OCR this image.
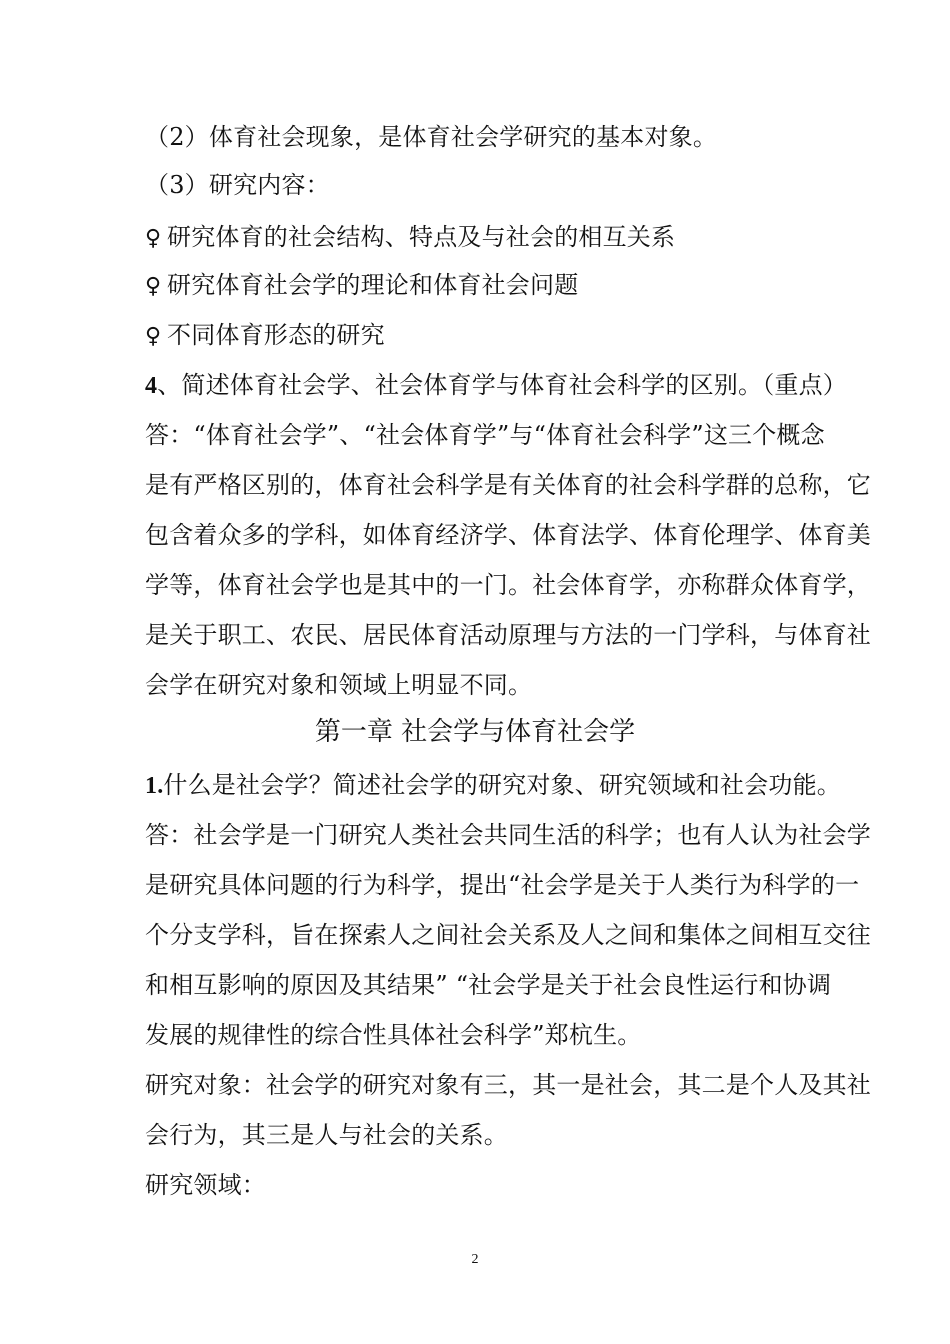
（2）体育社会现象，是体育社会学研究的基本对象。
（3）研究内容：
♀ 研究体育的社会结构、特点及与社会的相互关系
♀ 研究体育社会学的理论和体育社会问题
♀ 不同体育形态的研究
4、简述体育社会学、社会体育学与体育社会科学的区别。（重点）
答：“体育社会学”、“社会体育学”与“体育社会科学”这三个概念
是有严格区别的，体育社会科学是有关体育的社会科学群的总称，它
包含着众多的学科，如体育经济学、体育法学、体育伦理学、体育美
学等，体育社会学也是其中的一门。社会体育学，亦称群众体育学，
是关于职工、农民、居民体育活动原理与方法的一门学科，与体育社
会学在研究对象和领域上明显不同。
第一章 社会学与体育社会学
1.什么是社会学？简述社会学的研究对象、研究领域和社会功能。
答：社会学是一门研究人类社会共同生活的科学；也有人认为社会学
是研究具体问题的行为科学，提出“社会学是关于人类行为科学的一
个分支学科，旨在探索人之间社会关系及人之间和集体之间相互交往
和相互影响的原因及其结果” “社会学是关于社会良性运行和协调
发展的规律性的综合性具体社会科学”郑杭生。
研究对象：社会学的研究对象有三，其一是社会，其二是个人及其社
会行为，其三是人与社会的关系。
研究领域：
2
